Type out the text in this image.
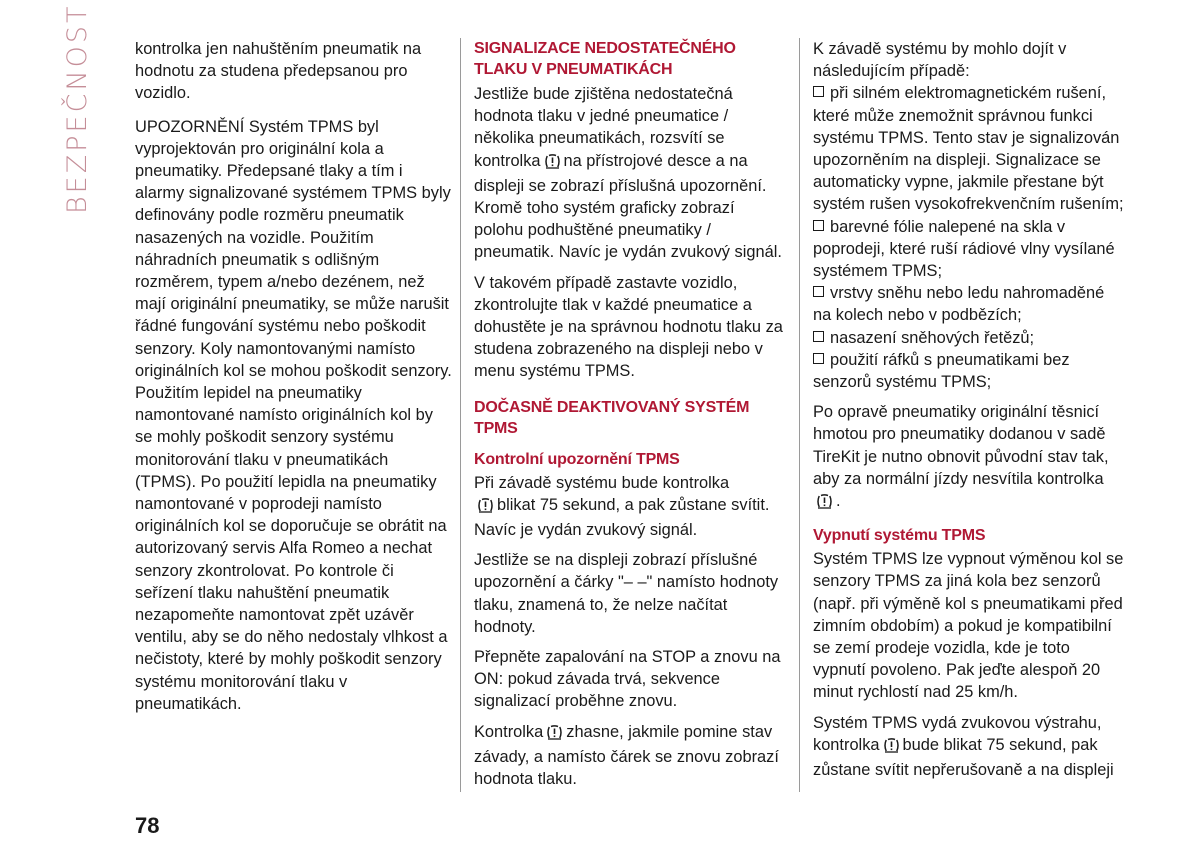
BEZPEČNOST	kontrolka jen nahuštěním pneumatik na hodnotu za studena předepsanou pro vozidlo.

UPOZORNĚNÍ Systém TPMS byl vyprojektován pro originální kola a pneumatiky. Předepsané tlaky a tím i alarmy signalizované systémem TPMS byly definovány podle rozměru pneumatik nasazených na vozidle. Použitím náhradních pneumatik s odlišným rozměrem, typem a/nebo dezénem, než mají originální pneumatiky, se může narušit řádné fungování systému nebo poškodit senzory. Koly namontovanými namísto originálních kol se mohou poškodit senzory. Použitím lepidel na pneumatiky namontované namísto originálních kol by se mohly poškodit senzory systému monitorování tlaku v pneumatikách (TPMS). Po použití lepidla na pneumatiky namontované v poprodeji namísto originálních kol se doporučuje se obrátit na autorizovaný servis Alfa Romeo a nechat senzory zkontrolovat. Po kontrole či seřízení tlaku nahuštění pneumatik nezapomeňte namontovat zpět uzávěr ventilu, aby se do něho nedostaly vlhkost a nečistoty, které by mohly poškodit senzory systému monitorování tlaku v pneumatikách.

SIGNALIZACE NEDOSTATEČNÉHO TLAKU V PNEUMATIKÁCH

Jestliže bude zjištěna nedostatečná hodnota tlaku v jedné pneumatice / několika pneumatikách, rozsvítí se kontrolka na přístrojové desce a na displeji se zobrazí příslušná upozornění. Kromě toho systém graficky zobrazí polohu podhuštěné pneumatiky / pneumatik. Navíc je vydán zvukový signál.

V takovém případě zastavte vozidlo, zkontrolujte tlak v každé pneumatice a dohustěte je na správnou hodnotu tlaku za studena zobrazeného na displeji nebo v menu systému TPMS.

DOČASNĚ DEAKTIVOVANÝ SYSTÉM TPMS
Kontrolní upozornění TPMS

Při závadě systému bude kontrolka
blikat 75 sekund, a pak zůstane svítit. Navíc je vydán zvukový signál.

Jestliže se na displeji zobrazí příslušné upozornění a čárky "– –" namísto hodnoty tlaku, znamená to, že nelze načítat hodnoty.

Přepněte zapalování na STOP a znovu na ON: pokud závada trvá, sekvence signalizací proběhne znovu.

Kontrolka zhasne, jakmile pomine stav závady, a namísto čárek se znovu zobrazí hodnota tlaku.

K závadě systému by mohlo dojít v následujícím případě:
při silném elektromagnetickém rušení, které může znemožnit správnou funkci systému TPMS. Tento stav je signalizován upozorněním na displeji. Signalizace se automaticky vypne, jakmile přestane být systém rušen vysokofrekvenčním rušením;
barevné fólie nalepené na skla v poprodeji, které ruší rádiové vlny vysílané systémem TPMS;
vrstvy sněhu nebo ledu nahromaděné na kolech nebo v podbězích;
nasazení sněhových řetězů;
použití ráfků s pneumatikami bez senzorů systému TPMS;

Po opravě pneumatiky originální těsnicí hmotou pro pneumatiky dodanou v sadě TireKit je nutno obnovit původní stav tak, aby za normální jízdy nesvítila kontrolka
.

Vypnutí systému TPMS

Systém TPMS lze vypnout výměnou kol se senzory TPMS za jiná kola bez senzorů (např. při výměně kol s pneumatikami před zimním obdobím) a pokud je kompatibilní se zemí prodeje vozidla, kde je toto vypnutí povoleno. Pak jeďte alespoň 20 minut rychlostí nad 25 km/h.

Systém TPMS vydá zvukovou výstrahu, kontrolka bude blikat 75 sekund, pak zůstane svítit nepřerušovaně a na displeji

78
